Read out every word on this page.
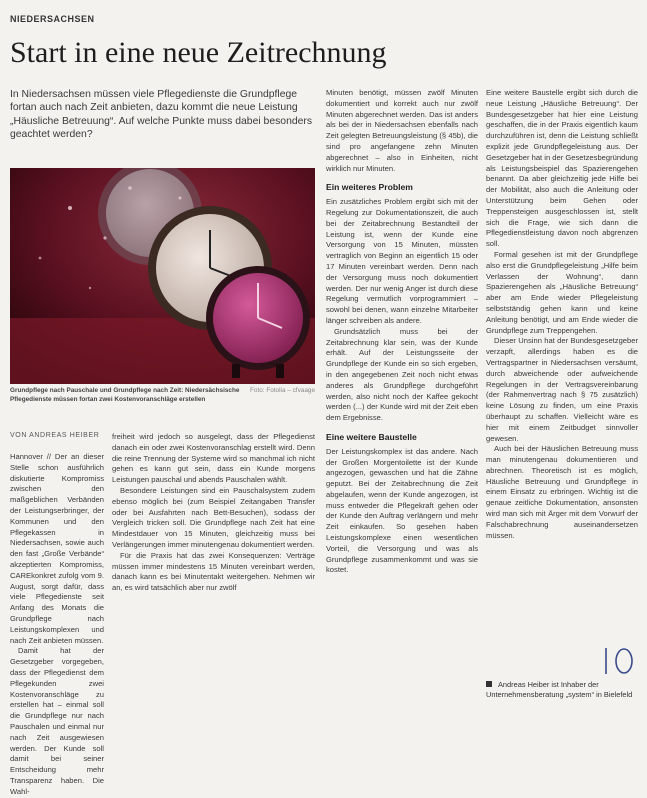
NIEDERSACHSEN
Start in eine neue Zeitrechnung
In Niedersachsen müssen viele Pflegedienste die Grundpflege fortan auch nach Zeit anbieten, dazu kommt die neue Leistung „Häusliche Betreuung“. Auf welche Punkte muss dabei besonders geachtet werden?
Foto: Fotolia – cfvaage
Grundpflege nach Pauschale und Grundpflege nach Zeit: Niedersächsische Pflegedienste müssen fortan zwei Kostenvoranschläge erstellen
VON ANDREAS HEIBER

Hannover // Der an dieser Stelle schon ausführlich diskutierte Kompromiss zwischen den maßgeblichen Verbänden der Leistungserbringer, der Kommunen und den Pflegekassen in Niedersachsen, sowie auch den fast „Große Verbände“ akzeptierten Kompromiss, CAREkonkret zufolg vom 9. August, sorgt dafür, dass viele Pflegedienste seit Anfang des Monats die Grundpflege nach Leistungskomplexen und nach Zeit anbieten müssen.

Damit hat der Gesetzgeber vorgegeben, dass der Pflegedienst dem Pflegekunden zwei Kostenvoranschläge zu erstellen hat – einmal soll die Grundpflege nur nach Pauschalen und einmal nur nach Zeit ausgewiesen werden. Der Kunde soll damit bei seiner Entscheidung mehr Transparenz haben. Die Wahl-

freiheit wird jedoch so ausgelegt, dass der Pflegedienst danach ein oder zwei Kostenvoranschlag erstellt wird. Denn die reine Trennung der Systeme wird so manchmal ich nicht gehen es kann gut sein, dass ein Kunde morgens Leistungen pauschal und abends Pauschalen wählt.

Besondere Leistungen sind ein Pauschalsystem zudem ebenso möglich bei (zum Beispiel Zeitangaben Transfer oder bei Ausfahrten nach Bett-Besuchen), sodass der Vergleich tricken soll. Die Grundpflege nach Zeit hat eine Mindestdauer von 15 Minuten, gleichzeitig muss bei Verlängerungen immer minutengenau dokumentiert werden.

Für die Praxis hat das zwei Konsequenzen: Verträge müssen immer mindestens 15 Minuten vereinbart werden, danach kann es bei Minutentakt weitergehen. Nehmen wir an, es wird tatsächlich aber nur zwölf

Minuten benötigt, müssen zwölf Minuten dokumentiert und korrekt auch nur zwölf Minuten abgerechnet werden. Das ist anders als bei der in Niedersachsen ebenfalls nach Zeit gelegten Betreuungsleistung (§ 45b), die sind pro angefangene zehn Minuten abgerechnet – also in Einheiten, nicht wirklich nur Minuten.

Ein weiteres Problem

Ein zusätzliches Problem ergibt sich mit der Regelung zur Dokumentationszeit, die auch bei der Zeitabrechnung Bestandteil der Leistung ist, wenn der Kunde eine Versorgung von 15 Minuten, müssten vertraglich von Beginn an eigentlich 15 oder 17 Minuten vereinbart werden. Denn nach der Versorgung muss noch dokumentiert werden. Der nur wenig Anger ist durch diese Regelung vermutlich vorprogrammiert – sowohl bei denen, wann einzelne Mitarbeiter länger schreiben als andere.

Grundsätzlich muss bei der Zeitabrechnung klar sein, was der Kunde erhält. Auf der Leistungsseite der Grundpflege der Kunde ein so sich ergeben, in den angegebenen Zeit noch nicht etwas anderes als Grundpflege durchgeführt werden, also nicht noch der Kaffee gekocht werden (...) der Kunde wird mit der Zeit eben dem Ergebnisse.

Eine weitere Baustelle

Der Leistungskomplex ist das andere. Nach der Großen Morgentoilette ist der Kunde angezogen, gewaschen und hat die Zähne geputzt. Bei der Zeitabrechnung die Zeit abgelaufen, wenn der Kunde angezogen, ist muss entweder die Pflegekraft gehen oder der Kunde den Auftrag verlängern und mehr Zeit einkaufen. So gesehen haben Leistungskomplexe einen wesentlichen Vorteil, die Versorgung und was als Grundpflege zusammenkommt und was sie kostet.

Eine weitere Baustelle ergibt sich durch die neue Leistung „Häusliche Betreuung“. Der Bundesgesetzgeber hat hier eine Leistung geschaffen, die in der Praxis eigentlich kaum durchzuführen ist, denn die Leistung schließt explizit jede Grundpflegeleistung aus. Der Gesetzgeber hat in der Gesetzesbegründung als Leistungsbeispiel das Spazierengehen benannt. Da aber gleichzeitig jede Hilfe bei der Mobilität, also auch die Anleitung oder Unterstützung beim Gehen oder Treppensteigen ausgeschlossen ist, stellt sich die Frage, wie sich dann die Pflegedienstleistung davon noch abgrenzen soll.

Formal gesehen ist mit der Grundpflege also erst die Grundpflegeleistung „Hilfe beim Verlassen der Wohnung“, dann Spazierengehen als „Häusliche Betreuung“ aber am Ende wieder Pflegeleistung selbstständig gehen kann und keine Anleitung benötigt, und am Ende wieder die Grundpflege zum Treppengehen.

Dieser Unsinn hat der Bundesgesetzgeber verzapft, allerdings haben es die Vertragspartner in Niedersachsen versäumt, durch abweichende oder aufweichende Regelungen in der Vertragsvereinbarung (der Rahmenvertrag nach § 75 zusätzlich) keine Lösung zu finden, um eine Praxis überhaupt zu schaffen. Vielleicht wäre es hier mit einem Zeitbudget sinnvoller gewesen.

Auch bei der Häuslichen Betreuung muss man minutengenau dokumentieren und abrechnen. Theoretisch ist es möglich, Häusliche Betreuung und Grundpflege in einem Einsatz zu erbringen. Wichtig ist die genaue zeitliche Dokumentation, ansonsten wird man sich mit Ärger mit dem Vorwurf der Falschabrechnung auseinandersetzen müssen.

Andreas Heiber ist Inhaber der Unternehmensberatung „system“ in Bielefeld
